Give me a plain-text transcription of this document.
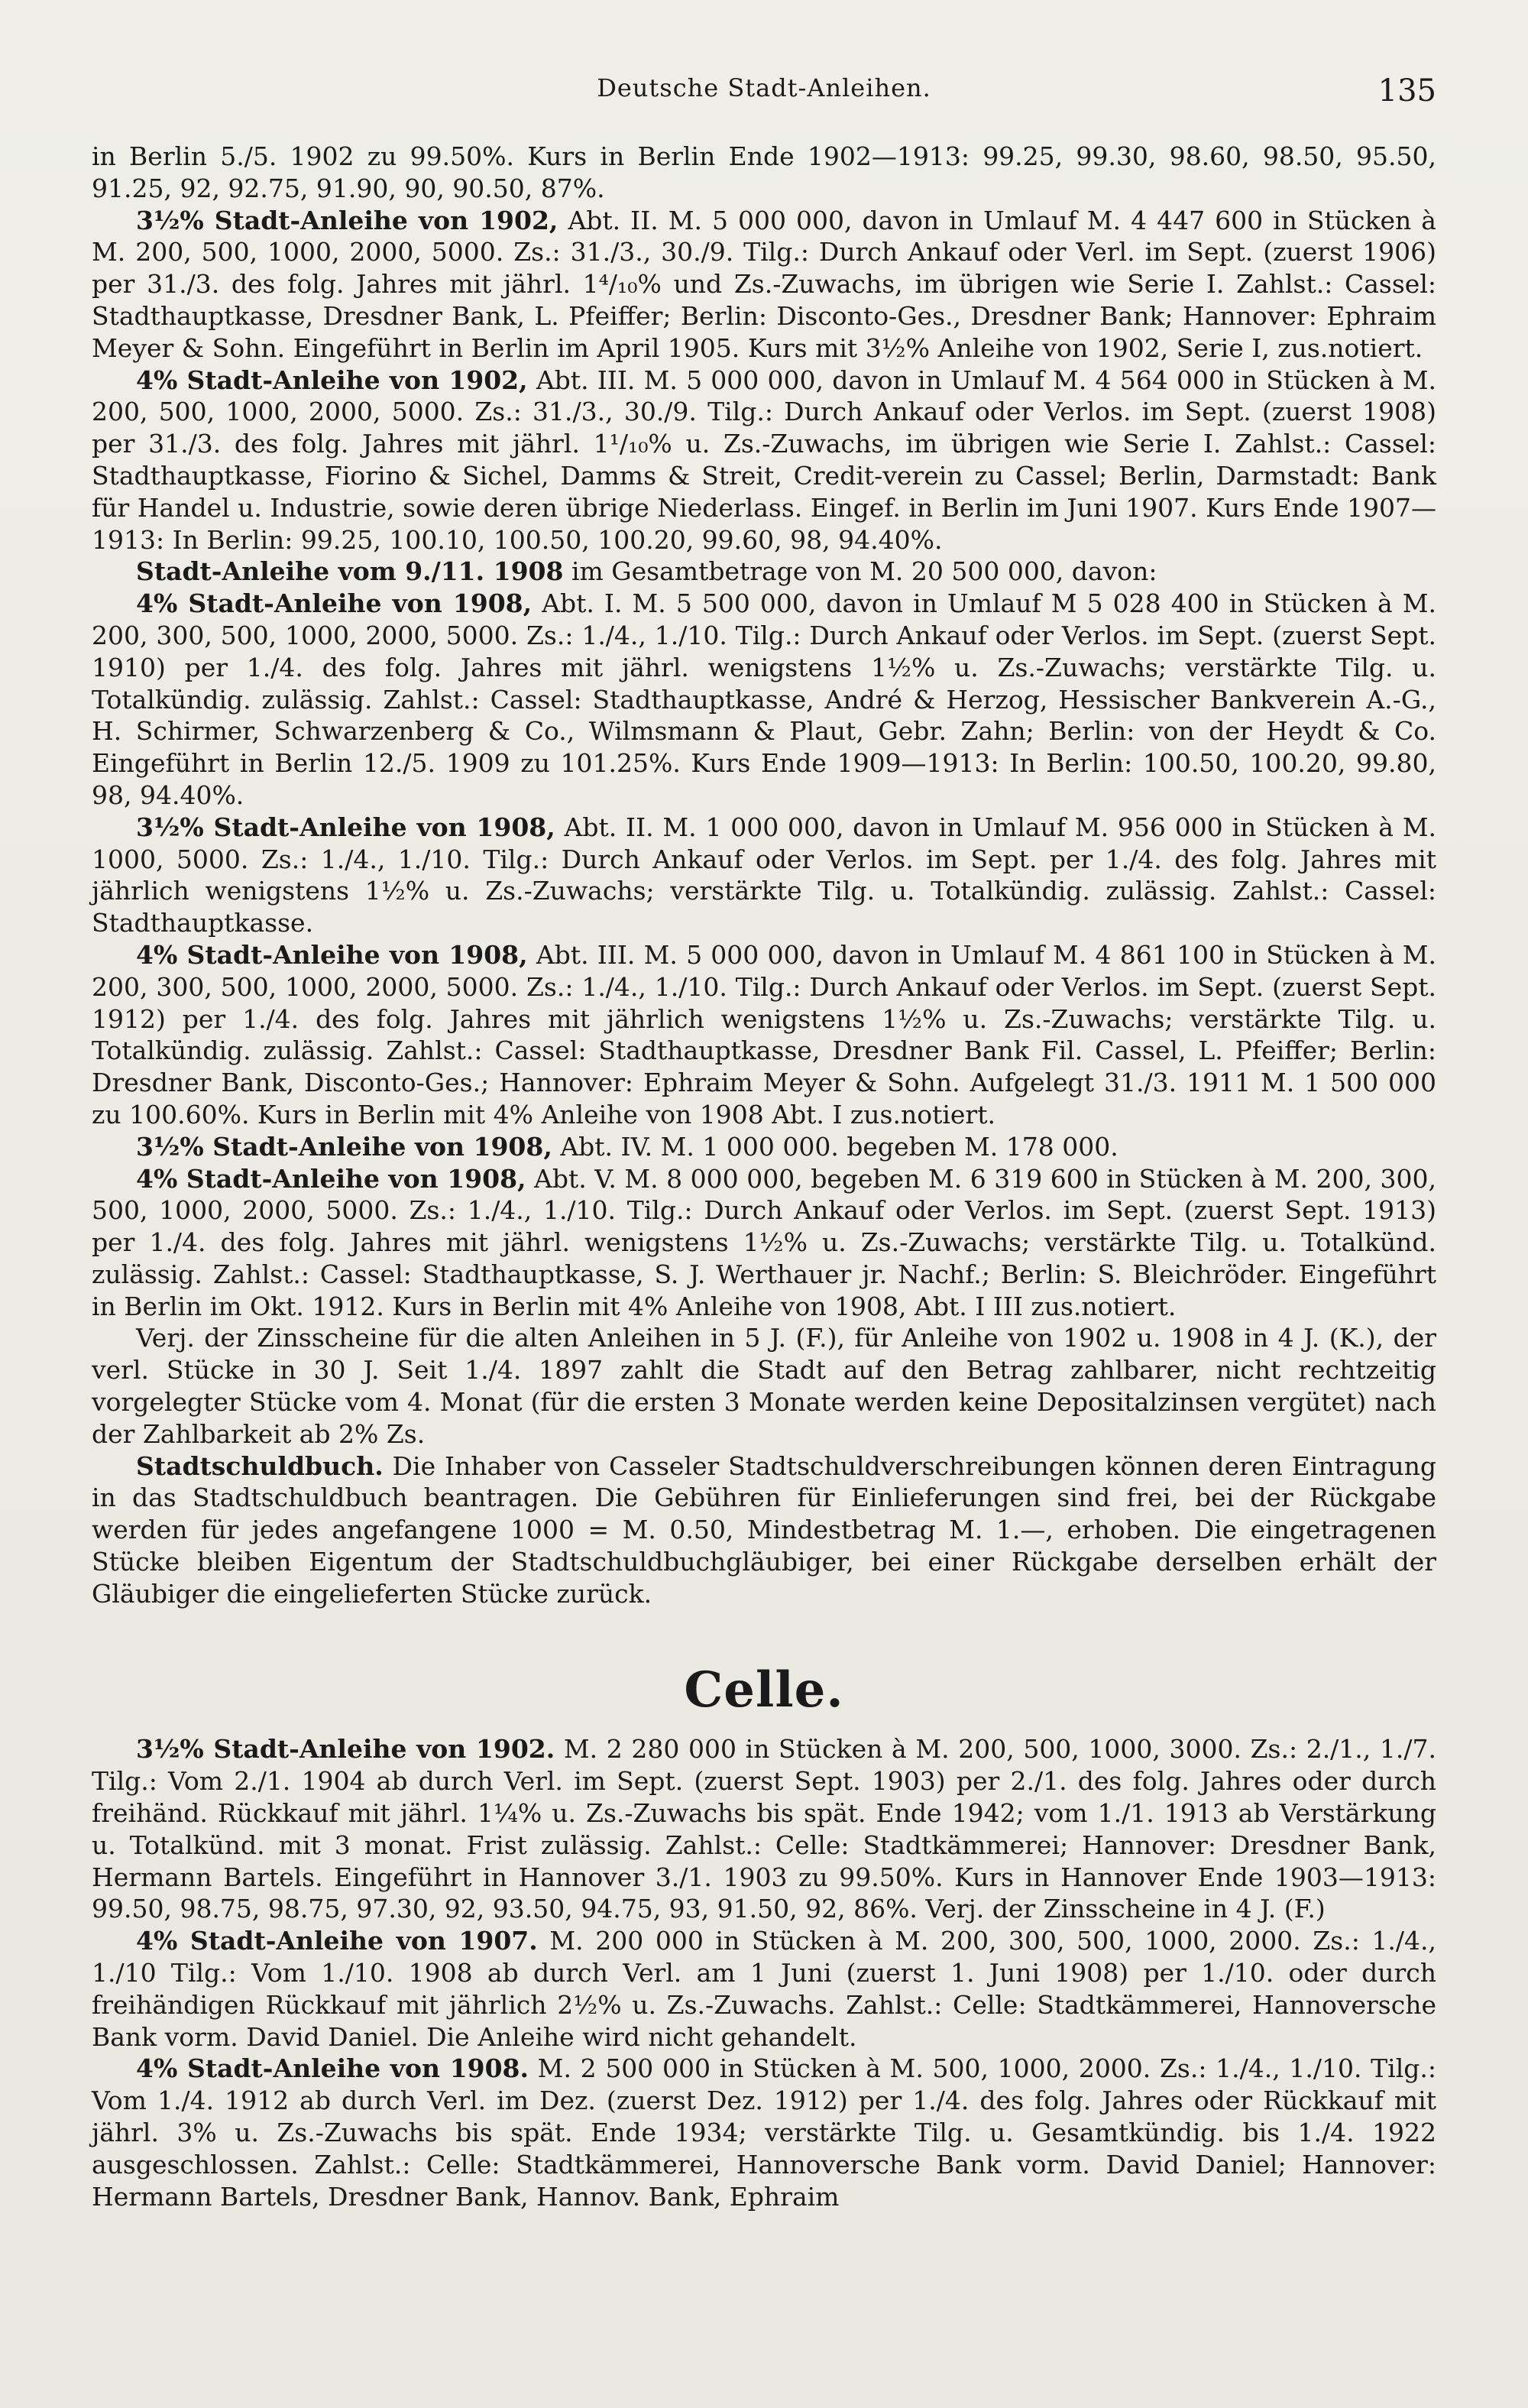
Deutsche Stadt-Anleihen.	135

in Berlin 5./5. 1902 zu 99.50%. Kurs in Berlin Ende 1902—1913: 99.25, 99.30, 98.60, 98.50, 95.50, 91.25, 92, 92.75, 91.90, 90, 90.50, 87%.

3½% Stadt-Anleihe von 1902, Abt. II. M. 5 000 000, davon in Umlauf M. 4 447 600 in Stücken à M. 200, 500, 1000, 2000, 5000. Zs.: 31./3., 30./9. Tilg.: Durch Ankauf oder Verl. im Sept. (zuerst 1906) per 31./3. des folg. Jahres mit jährl. 1⁴/₁₀% und Zs.-Zuwachs, im übrigen wie Serie I. Zahlst.: Cassel: Stadthauptkasse, Dresdner Bank, L. Pfeiffer; Berlin: Disconto-Ges., Dresdner Bank; Hannover: Ephraim Meyer & Sohn. Eingeführt in Berlin im April 1905. Kurs mit 3½% Anleihe von 1902, Serie I, zus.notiert.

4% Stadt-Anleihe von 1902, Abt. III. M. 5 000 000, davon in Umlauf M. 4 564 000 in Stücken à M. 200, 500, 1000, 2000, 5000. Zs.: 31./3., 30./9. Tilg.: Durch Ankauf oder Verlos. im Sept. (zuerst 1908) per 31./3. des folg. Jahres mit jährl. 1¹/₁₀% u. Zs.-Zuwachs, im übrigen wie Serie I. Zahlst.: Cassel: Stadthauptkasse, Fiorino & Sichel, Damms & Streit, Credit-verein zu Cassel; Berlin, Darmstadt: Bank für Handel u. Industrie, sowie deren übrige Niederlass. Eingef. in Berlin im Juni 1907. Kurs Ende 1907—1913: In Berlin: 99.25, 100.10, 100.50, 100.20, 99.60, 98, 94.40%.

Stadt-Anleihe vom 9./11. 1908 im Gesamtbetrage von M. 20 500 000, davon:

4% Stadt-Anleihe von 1908, Abt. I. M. 5 500 000, davon in Umlauf M 5 028 400 in Stücken à M. 200, 300, 500, 1000, 2000, 5000. Zs.: 1./4., 1./10. Tilg.: Durch Ankauf oder Verlos. im Sept. (zuerst Sept. 1910) per 1./4. des folg. Jahres mit jährl. wenigstens 1½% u. Zs.-Zuwachs; verstärkte Tilg. u. Totalkündig. zulässig. Zahlst.: Cassel: Stadthauptkasse, André & Herzog, Hessischer Bankverein A.-G., H. Schirmer, Schwarzenberg & Co., Wilmsmann & Plaut, Gebr. Zahn; Berlin: von der Heydt & Co. Eingeführt in Berlin 12./5. 1909 zu 101.25%. Kurs Ende 1909—1913: In Berlin: 100.50, 100.20, 99.80, 98, 94.40%.

3½% Stadt-Anleihe von 1908, Abt. II. M. 1 000 000, davon in Umlauf M. 956 000 in Stücken à M. 1000, 5000. Zs.: 1./4., 1./10. Tilg.: Durch Ankauf oder Verlos. im Sept. per 1./4. des folg. Jahres mit jährlich wenigstens 1½% u. Zs.-Zuwachs; verstärkte Tilg. u. Totalkündig. zulässig. Zahlst.: Cassel: Stadthauptkasse.

4% Stadt-Anleihe von 1908, Abt. III. M. 5 000 000, davon in Umlauf M. 4 861 100 in Stücken à M. 200, 300, 500, 1000, 2000, 5000. Zs.: 1./4., 1./10. Tilg.: Durch Ankauf oder Verlos. im Sept. (zuerst Sept. 1912) per 1./4. des folg. Jahres mit jährlich wenigstens 1½% u. Zs.-Zuwachs; verstärkte Tilg. u. Totalkündig. zulässig. Zahlst.: Cassel: Stadthauptkasse, Dresdner Bank Fil. Cassel, L. Pfeiffer; Berlin: Dresdner Bank, Disconto-Ges.; Hannover: Ephraim Meyer & Sohn. Aufgelegt 31./3. 1911 M. 1 500 000 zu 100.60%. Kurs in Berlin mit 4% Anleihe von 1908 Abt. I zus.notiert.

3½% Stadt-Anleihe von 1908, Abt. IV. M. 1 000 000. begeben M. 178 000.

4% Stadt-Anleihe von 1908, Abt. V. M. 8 000 000, begeben M. 6 319 600 in Stücken à M. 200, 300, 500, 1000, 2000, 5000. Zs.: 1./4., 1./10. Tilg.: Durch Ankauf oder Verlos. im Sept. (zuerst Sept. 1913) per 1./4. des folg. Jahres mit jährl. wenigstens 1½% u. Zs.-Zuwachs; verstärkte Tilg. u. Totalkünd. zulässig. Zahlst.: Cassel: Stadthauptkasse, S. J. Werthauer jr. Nachf.; Berlin: S. Bleichröder. Eingeführt in Berlin im Okt. 1912. Kurs in Berlin mit 4% Anleihe von 1908, Abt. I III zus.notiert.

Verj. der Zinsscheine für die alten Anleihen in 5 J. (F.), für Anleihe von 1902 u. 1908 in 4 J. (K.), der verl. Stücke in 30 J. Seit 1./4. 1897 zahlt die Stadt auf den Betrag zahlbarer, nicht rechtzeitig vorgelegter Stücke vom 4. Monat (für die ersten 3 Monate werden keine Depositalzinsen vergütet) nach der Zahlbarkeit ab 2% Zs.

Stadtschuldbuch. Die Inhaber von Casseler Stadtschuldverschreibungen können deren Eintragung in das Stadtschuldbuch beantragen. Die Gebühren für Einlieferungen sind frei, bei der Rückgabe werden für jedes angefangene 1000 = M. 0.50, Mindestbetrag M. 1.—, erhoben. Die eingetragenen Stücke bleiben Eigentum der Stadtschuldbuchgläubiger, bei einer Rückgabe derselben erhält der Gläubiger die eingelieferten Stücke zurück.

Celle.

3½% Stadt-Anleihe von 1902. M. 2 280 000 in Stücken à M. 200, 500, 1000, 3000. Zs.: 2./1., 1./7. Tilg.: Vom 2./1. 1904 ab durch Verl. im Sept. (zuerst Sept. 1903) per 2./1. des folg. Jahres oder durch freihänd. Rückkauf mit jährl. 1¼% u. Zs.-Zuwachs bis spät. Ende 1942; vom 1./1. 1913 ab Verstärkung u. Totalkünd. mit 3 monat. Frist zulässig. Zahlst.: Celle: Stadtkämmerei; Hannover: Dresdner Bank, Hermann Bartels. Eingeführt in Hannover 3./1. 1903 zu 99.50%. Kurs in Hannover Ende 1903—1913: 99.50, 98.75, 98.75, 97.30, 92, 93.50, 94.75, 93, 91.50, 92, 86%. Verj. der Zinsscheine in 4 J. (F.)

4% Stadt-Anleihe von 1907. M. 200 000 in Stücken à M. 200, 300, 500, 1000, 2000. Zs.: 1./4., 1./10 Tilg.: Vom 1./10. 1908 ab durch Verl. am 1 Juni (zuerst 1. Juni 1908) per 1./10. oder durch freihändigen Rückkauf mit jährlich 2½% u. Zs.-Zuwachs. Zahlst.: Celle: Stadtkämmerei, Hannoversche Bank vorm. David Daniel. Die Anleihe wird nicht gehandelt.

4% Stadt-Anleihe von 1908. M. 2 500 000 in Stücken à M. 500, 1000, 2000. Zs.: 1./4., 1./10. Tilg.: Vom 1./4. 1912 ab durch Verl. im Dez. (zuerst Dez. 1912) per 1./4. des folg. Jahres oder Rückkauf mit jährl. 3% u. Zs.-Zuwachs bis spät. Ende 1934; verstärkte Tilg. u. Gesamtkündig. bis 1./4. 1922 ausgeschlossen. Zahlst.: Celle: Stadtkämmerei, Hannoversche Bank vorm. David Daniel; Hannover: Hermann Bartels, Dresdner Bank, Hannov. Bank, Ephraim
